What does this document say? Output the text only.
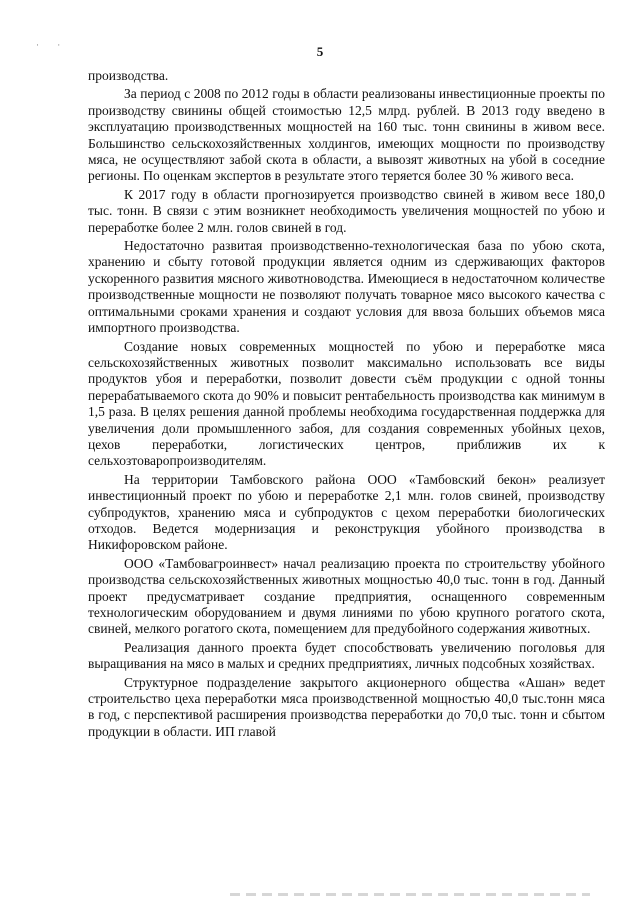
· ·	5

производства.

За период с 2008 по 2012 годы в области реализованы инвестиционные проекты по производству свинины общей стоимостью 12,5 млрд. рублей. В 2013 году введено в эксплуатацию производственных мощностей на 160 тыс. тонн свинины в живом весе. Большинство сельскохозяйственных холдингов, имеющих мощности по производству мяса, не осуществляют забой скота в области, а вывозят животных на убой в соседние регионы. По оценкам экспертов в результате этого теряется более 30 % живого веса.

К 2017 году в области прогнозируется производство свиней в живом весе 180,0 тыс. тонн. В связи с этим возникнет необходимость увеличения мощностей по убою и переработке более 2 млн. голов свиней в год.

Недостаточно развитая производственно-технологическая база по убою скота, хранению и сбыту готовой продукции является одним из сдерживающих факторов ускоренного развития мясного животноводства. Имеющиеся в недостаточном количестве производственные мощности не позволяют получать товарное мясо высокого качества с оптимальными сроками хранения и создают условия для ввоза больших объемов мяса импортного производства.

Создание новых современных мощностей по убою и переработке мяса сельскохозяйственных животных позволит максимально использовать все виды продуктов убоя и переработки, позволит довести съём продукции с одной тонны перерабатываемого скота до 90% и повысит рентабельность производства как минимум в 1,5 раза. В целях решения данной проблемы необходима государственная поддержка для увеличения доли промышленного забоя, для создания современных убойных цехов, цехов переработки, логистических центров, приближив их к сельхозтоваропроизводителям.

На территории Тамбовского района ООО «Тамбовский бекон» реализует инвестиционный проект по убою и переработке 2,1 млн. голов свиней, производству субпродуктов, хранению мяса и субпродуктов с цехом переработки биологических отходов. Ведется модернизация и реконструкция убойного производства в Никифоровском районе.

ООО «Тамбовагроинвест» начал реализацию проекта по строительству убойного производства сельскохозяйственных животных мощностью 40,0 тыс. тонн в год. Данный проект предусматривает создание предприятия, оснащенного современным технологическим оборудованием и двумя линиями по убою крупного рогатого скота, свиней, мелкого рогатого скота, помещением для предубойного содержания животных.

Реализация данного проекта будет способствовать увеличению поголовья для выращивания на мясо в малых и средних предприятиях, личных подсобных хозяйствах.

Структурное подразделение закрытого акционерного общества «Ашан» ведет строительство цеха переработки мяса производственной мощностью 40,0 тыс.тонн мяса в год, с перспективой расширения производства переработки до 70,0 тыс. тонн и сбытом продукции в области. ИП главой
